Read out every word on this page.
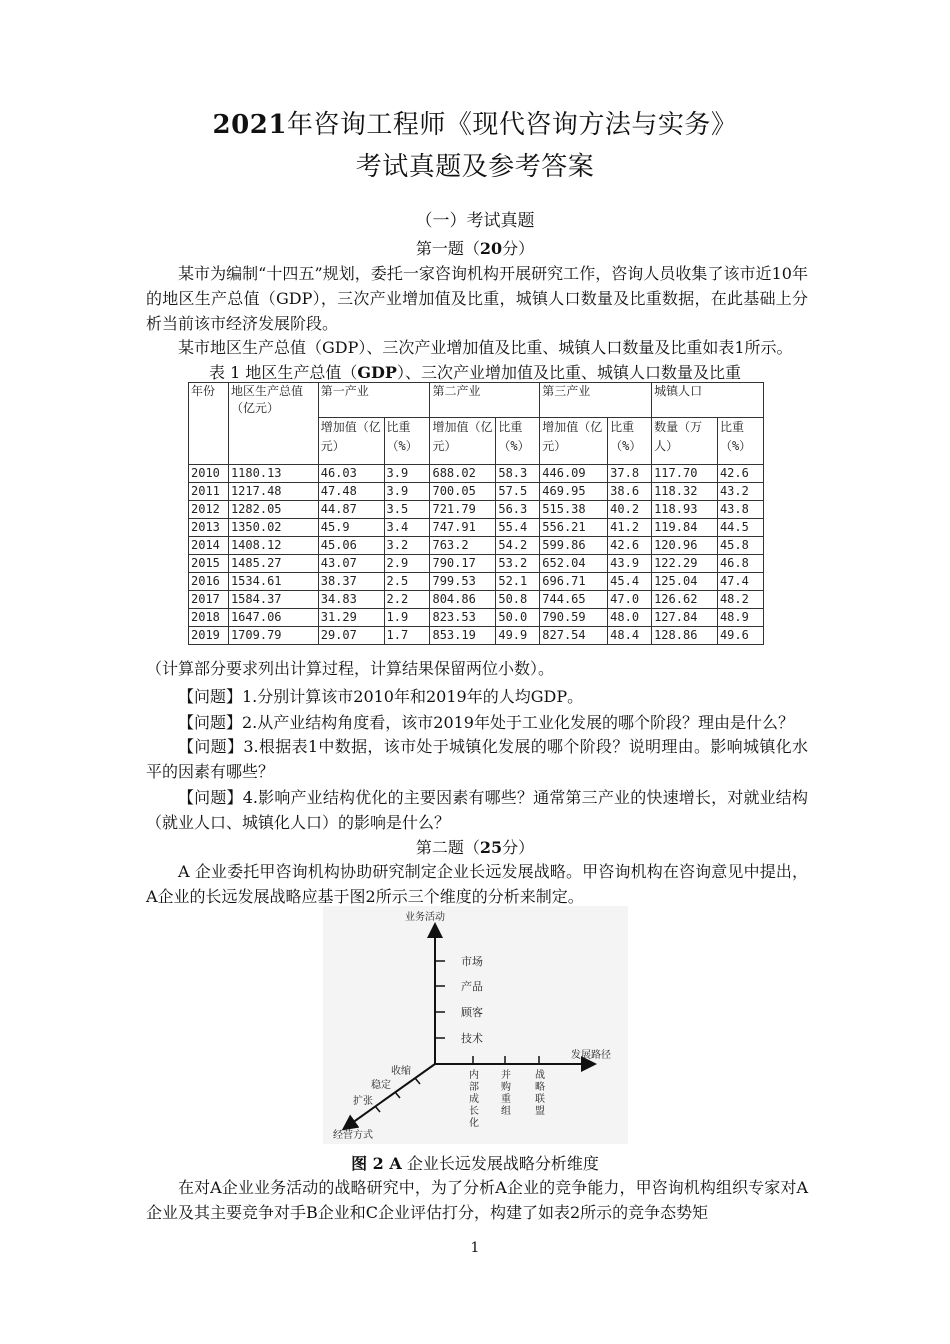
2021年咨询工程师《现代咨询方法与实务》
考试真题及参考答案
（一）考试真题
第一题（20分）
某市为编制“十四五”规划，委托一家咨询机构开展研究工作，咨询人员收集了该市近10年的地区生产总值（GDP），三次产业增加值及比重，城镇人口数量及比重数据，在此基础上分析当前该市经济发展阶段。
某市地区生产总值（GDP）、三次产业增加值及比重、城镇人口数量及比重如表1所示。
表 1 地区生产总值（GDP）、三次产业增加值及比重、城镇人口数量及比重
年份	地区生产总值（亿元）	第一产业		第二产业		第三产业		城镇人口	
		增加值（亿元）	比重（%）	增加值（亿元）	比重（%）	增加值（亿元）	比重（%）	数量（万人）	比重（%）
2010	1180.13	46.03	3.9	688.02	58.3	446.09	37.8	117.70	42.6
2011	1217.48	47.48	3.9	700.05	57.5	469.95	38.6	118.32	43.2
2012	1282.05	44.87	3.5	721.79	56.3	515.38	40.2	118.93	43.8
2013	1350.02	45.9	3.4	747.91	55.4	556.21	41.2	119.84	44.5
2014	1408.12	45.06	3.2	763.2	54.2	599.86	42.6	120.96	45.8
2015	1485.27	43.07	2.9	790.17	53.2	652.04	43.9	122.29	46.8
2016	1534.61	38.37	2.5	799.53	52.1	696.71	45.4	125.04	47.4
2017	1584.37	34.83	2.2	804.86	50.8	744.65	47.0	126.62	48.2
2018	1647.06	31.29	1.9	823.53	50.0	790.59	48.0	127.84	48.9
2019	1709.79	29.07	1.7	853.19	49.9	827.54	48.4	128.86	49.6
（计算部分要求列出计算过程，计算结果保留两位小数）。
【问题】1.分别计算该市2010年和2019年的人均GDP。
【问题】2.从产业结构角度看，该市2019年处于工业化发展的哪个阶段？理由是什么？
【问题】3.根据表1中数据，该市处于城镇化发展的哪个阶段？说明理由。影响城镇化水平的因素有哪些？
【问题】4.影响产业结构优化的主要因素有哪些？通常第三产业的快速增长，对就业结构（就业人口、城镇化人口）的影响是什么？
第二题（25分）
A 企业委托甲咨询机构协助研究制定企业长远发展战略。甲咨询机构在咨询意见中提出，A企业的长远发展战略应基于图2所示三个维度的分析来制定。
业务活动
发展路径
经营方式
市场
产品
顾客
技术
内
部
成
长
化
并
购
重
组
战
略
联
盟
收缩
稳定
扩张
图 2 A 企业长远发展战略分析维度
在对A企业业务活动的战略研究中，为了分析A企业的竞争能力，甲咨询机构组织专家对A企业及其主要竞争对手B企业和C企业评估打分，构建了如表2所示的竞争态势矩
1
